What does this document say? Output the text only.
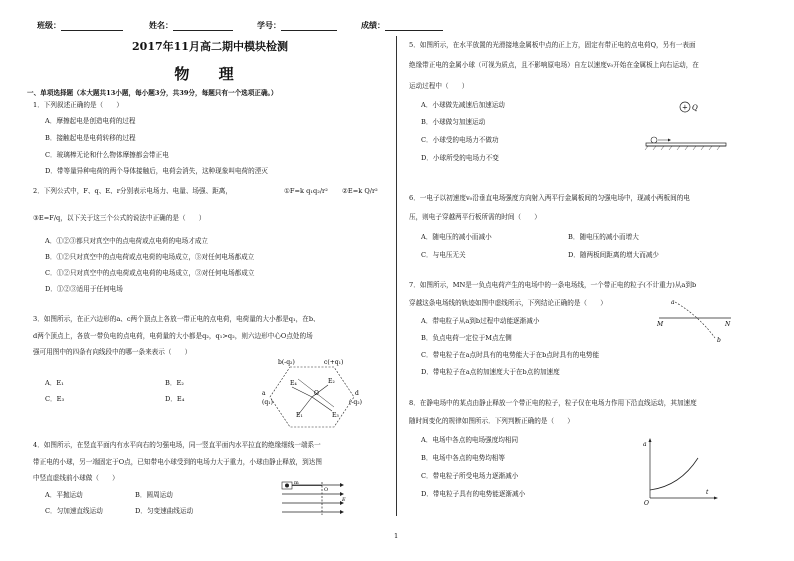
班级：	姓名：	学号：	成绩：
2017年11月高二期中模块检测
物 理
一、单项选择题（本大题共13小题，每小题3分，共39分，每题只有一个选项正确。）
1．下列叙述正确的是（　　）
A．摩擦起电是创造电荷的过程
B．接触起电是电荷转移的过程
C．玻璃棒无论和什么物体摩擦都会带正电
D．带等量异种电荷的两个导体接触后，电荷会消失，这种现象叫电荷的湮灭
2．下列公式中，F、q、E、r分别表示电场力、电量、场强、距离，	①F=k q₁q₂/r² ②E=k Q/r²
③E=F/q，以下关于这三个公式的说法中正确的是（　　）
A．①②③都只对真空中的点电荷或点电荷的电场才成立
B．①②只对真空中的点电荷或点电荷的电场成立，③对任何电场都成立
C．①②只对真空中的点电荷或点电荷的电场成立，③对任何电场都成立
D．①②③适用于任何电场
3．如图所示，在正六边形的a、c两个顶点上各放一带正电的点电荷，电荷量的大小都是q₁，在b、
d两个顶点上，各放一带负电的点电荷，电荷量的大小都是q₂，q₁>q₂，则六边形中心O点处的场
强可用图中的四条有向线段中的哪一条来表示（　　）
A．E₁	B．E₂
C．E₃	D．E₄
b(-q₂)	c(+q₁)
a
(q₁)
d
(-q₂)
O
E₁
E₂
E₃
E₄
4．如图所示，在竖直平面内有水平向右的匀强电场，同一竖直平面内水平拉直的绝缘细线一端系一
带正电的小球，另一端固定于O点，已知带电小球受到的电场力大于重力，小球由静止释放，到达图
中竖直虚线前小球做（　　）
A．平抛运动	B．圆周运动
C．匀加速直线运动	D．匀变速曲线运动
m
O
E
5．如图所示，在水平放置的光滑接地金属板中点的正上方，固定有带正电的点电荷Q，另有一表面
绝缘带正电的金属小球（可视为质点，且不影响原电场）自左以速度v₀开始在金属板上向右运动，在
运动过程中（　　）
A．小球做先减速后加速运动
B．小球做匀加速运动
C．小球受的电场力不做功
D．小球所受的电场力不变
+ Q
6．一电子以初速度v₀沿垂直电场强度方向射入两平行金属板间的匀强电场中，现减小两板间的电
压，则电子穿越两平行板所需的时间（　　）
A．随电压的减小而减小	B．随电压的减小而增大
C．与电压无关	D．随两板间距离的增大而减少
7．如图所示，MN是一负点电荷产生的电场中的一条电场线，一个带正电的粒子(不计重力)从a到b
穿越这条电场线的轨迹如图中虚线所示，下列结论正确的是（　　）
A．带电粒子从a到b过程中动能逐渐减小
B．负点电荷一定位于M点左侧
C．带电粒子在a点时具有的电势能大于在b点时具有的电势能
D．带电粒子在a点的加速度大于在b点的加速度
a
b
M	N
8．在静电场中的某点由静止释放一个带正电的粒子，粒子仅在电场力作用下沿直线运动，其加速度
随时间变化的规律如图所示．下列判断正确的是（　　）
A．电场中各点的电场强度均相同
B．电场中各点的电势均相等
C．带电粒子所受电场力逐渐减小
D．带电粒子具有的电势能逐渐减小
a
t
O
1
